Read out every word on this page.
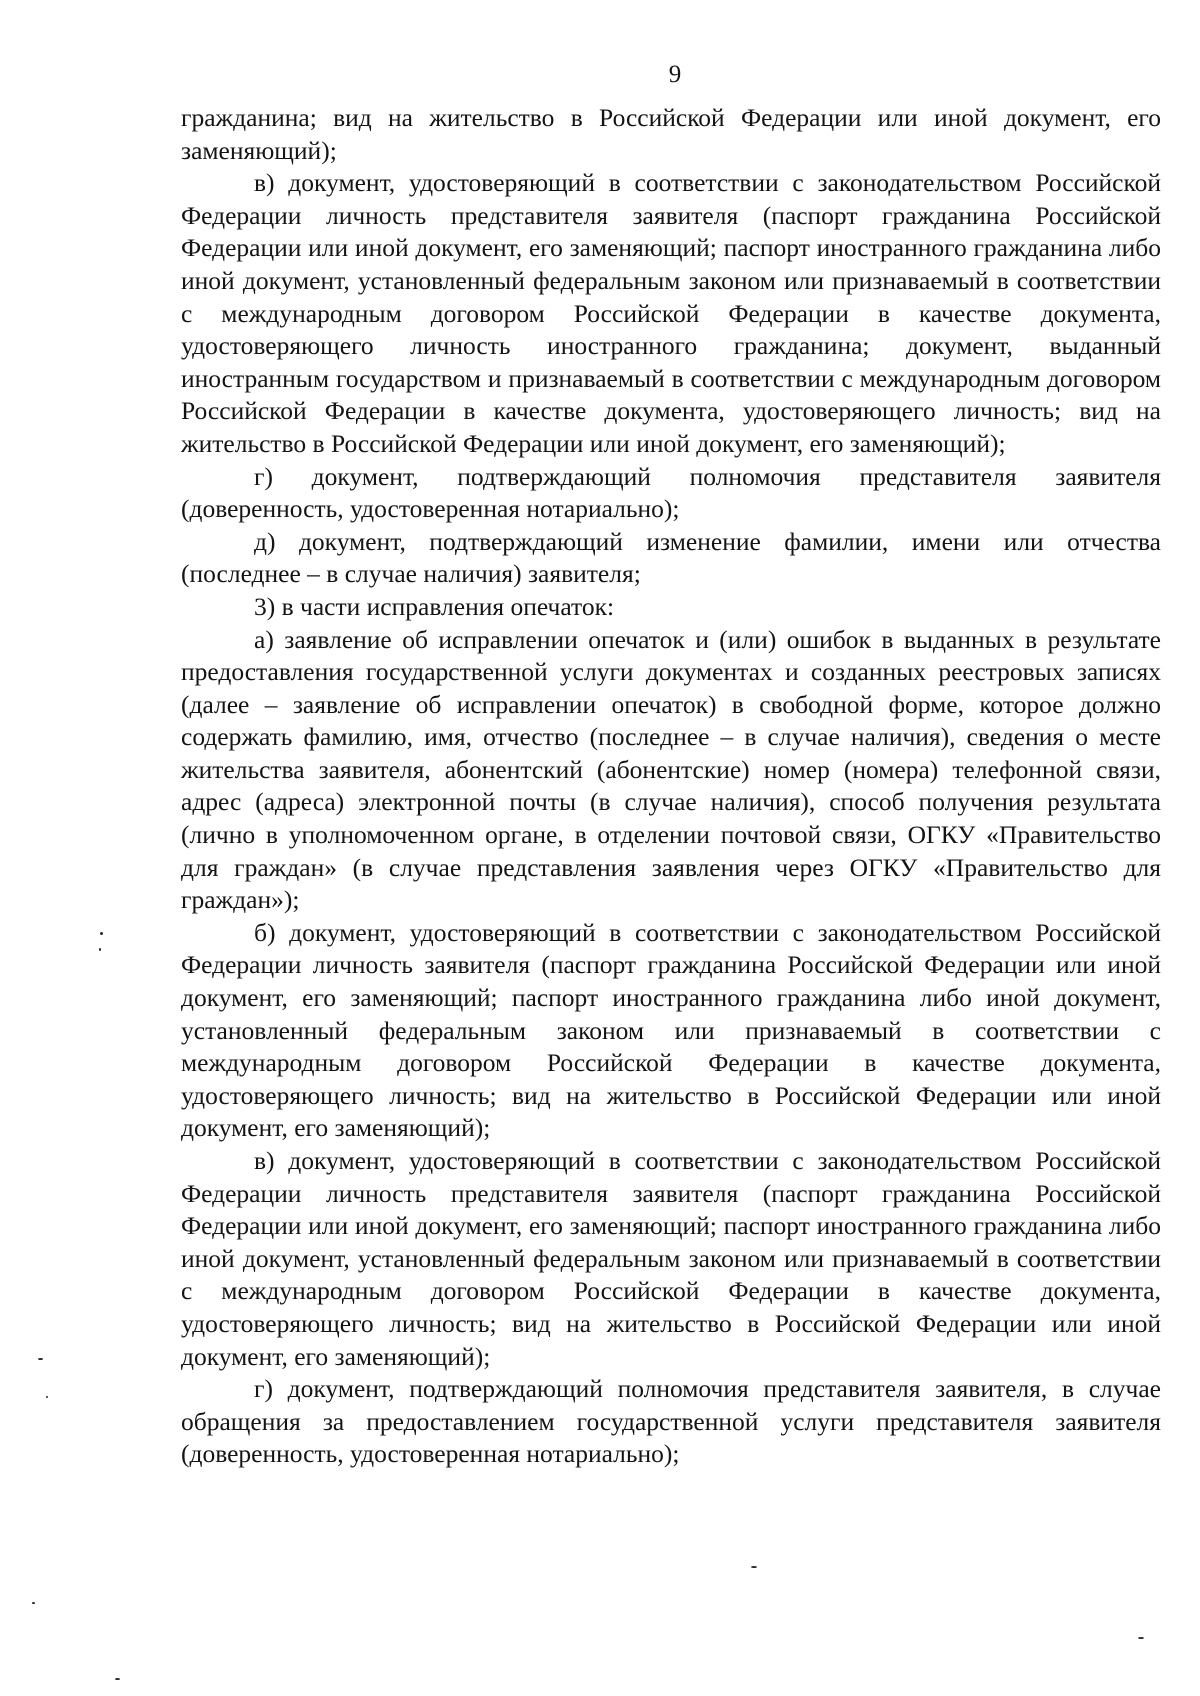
9

гражданина; вид на жительство в Российской Федерации или иной документ, его заменяющий);

в) документ, удостоверяющий в соответствии с законодательством Российской Федерации личность представителя заявителя (паспорт гражданина Российской Федерации или иной документ, его заменяющий; паспорт иностранного гражданина либо иной документ, установленный федеральным законом или признаваемый в соответствии с международным договором Российской Федерации в качестве документа, удостоверяющего личность иностранного гражданина; документ, выданный иностранным государством и признаваемый в соответствии с международным договором Российской Федерации в качестве документа, удостоверяющего личность; вид на жительство в Российской Федерации или иной документ, его заменяющий);

г) документ, подтверждающий полномочия представителя заявителя (доверенность, удостоверенная нотариально);

д) документ, подтверждающий изменение фамилии, имени или отчества (последнее – в случае наличия) заявителя;

3) в части исправления опечаток:

а) заявление об исправлении опечаток и (или) ошибок в выданных в результате предоставления государственной услуги документах и созданных реестровых записях (далее – заявление об исправлении опечаток) в свободной форме, которое должно содержать фамилию, имя, отчество (последнее – в случае наличия), сведения о месте жительства заявителя, абонентский (абонентские) номер (номера) телефонной связи, адрес (адреса) электронной почты (в случае наличия), способ получения результата (лично в уполномоченном органе, в отделении почтовой связи, ОГКУ «Правительство для граждан» (в случае представления заявления через ОГКУ «Правительство для граждан»);

б) документ, удостоверяющий в соответствии с законодательством Российской Федерации личность заявителя (паспорт гражданина Российской Федерации или иной документ, его заменяющий; паспорт иностранного гражданина либо иной документ, установленный федеральным законом или признаваемый в соответствии с международным договором Российской Федерации в качестве документа, удостоверяющего личность; вид на жительство в Российской Федерации или иной документ, его заменяющий);

в) документ, удостоверяющий в соответствии с законодательством Российской Федерации личность представителя заявителя (паспорт гражданина Российской Федерации или иной документ, его заменяющий; паспорт иностранного гражданина либо иной документ, установленный федеральным законом или признаваемый в соответствии с международным договором Российской Федерации в качестве документа, удостоверяющего личность; вид на жительство в Российской Федерации или иной документ, его заменяющий);

г) документ, подтверждающий полномочия представителя заявителя, в случае обращения за предоставлением государственной услуги представителя заявителя (доверенность, удостоверенная нотариально);
